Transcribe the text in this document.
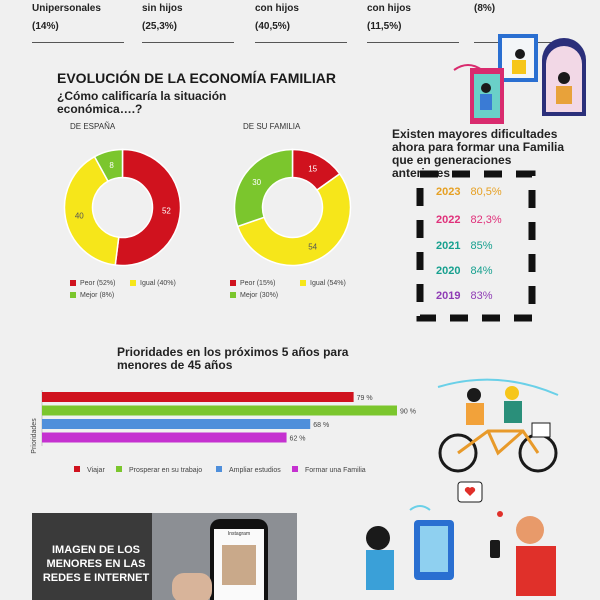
Unipersonales
(14%)
sin hijos
(25,3%)
con hijos
(40,5%)
con hijos
(11,5%)
(8%)
EVOLUCIÓN DE LA ECONOMÍA FAMILIAR
¿Cómo calificaría la situación económica….?
DE ESPAÑA	DE SU FAMILIA
52
40
8	15
54
30
Peor (52%)	Igual (40%)
Mejor (8%)
Peor (15%)	Igual (54%)
Mejor (30%)
Existen mayores dificultades ahora para formar una Familia que en generaciones anteriores
2023 80,5%
2022 82,3%
2021 85%
2020 84%
2019 83%
Prioridades en los próximos 5 años para menores de 45 años
Prioridades
79 %
90 %
68 %
62 %
Viajar	Prosperar en su trabajo	Ampliar estudios	Formar una Familia
IMAGEN DE LOS MENORES EN LAS REDES E INTERNET
Instagram
